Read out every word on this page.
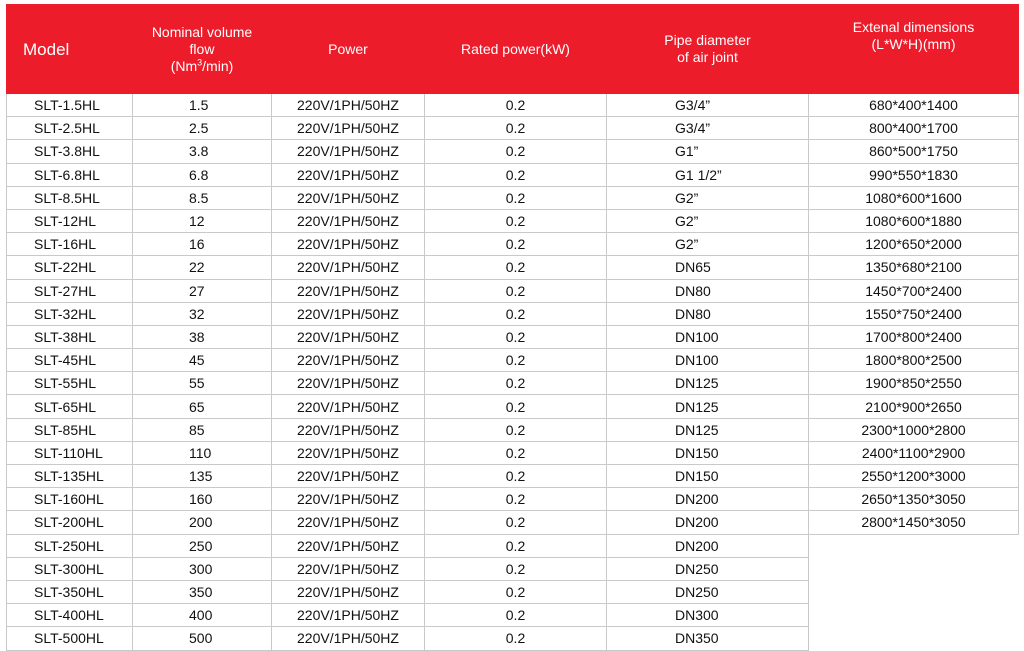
Model	Nominal volume
flow
(Nm$^3$/min)	Power	Rated power(kW)	Pipe diameter
of air joint	Extenal dimensions
(L*W*H)(mm)
SLT-1.5HL	1.5	220V/1PH/50HZ	0.2	G3/4”	680*400*1400
SLT-2.5HL	2.5	220V/1PH/50HZ	0.2	G3/4”	800*400*1700
SLT-3.8HL	3.8	220V/1PH/50HZ	0.2	G1”	860*500*1750
SLT-6.8HL	6.8	220V/1PH/50HZ	0.2	G1 1/2”	990*550*1830
SLT-8.5HL	8.5	220V/1PH/50HZ	0.2	G2”	1080*600*1600
SLT-12HL	12	220V/1PH/50HZ	0.2	G2”	1080*600*1880
SLT-16HL	16	220V/1PH/50HZ	0.2	G2”	1200*650*2000
SLT-22HL	22	220V/1PH/50HZ	0.2	DN65	1350*680*2100
SLT-27HL	27	220V/1PH/50HZ	0.2	DN80	1450*700*2400
SLT-32HL	32	220V/1PH/50HZ	0.2	DN80	1550*750*2400
SLT-38HL	38	220V/1PH/50HZ	0.2	DN100	1700*800*2400
SLT-45HL	45	220V/1PH/50HZ	0.2	DN100	1800*800*2500
SLT-55HL	55	220V/1PH/50HZ	0.2	DN125	1900*850*2550
SLT-65HL	65	220V/1PH/50HZ	0.2	DN125	2100*900*2650
SLT-85HL	85	220V/1PH/50HZ	0.2	DN125	2300*1000*2800
SLT-110HL	110	220V/1PH/50HZ	0.2	DN150	2400*1100*2900
SLT-135HL	135	220V/1PH/50HZ	0.2	DN150	2550*1200*3000
SLT-160HL	160	220V/1PH/50HZ	0.2	DN200	2650*1350*3050
SLT-200HL	200	220V/1PH/50HZ	0.2	DN200	2800*1450*3050
SLT-250HL	250	220V/1PH/50HZ	0.2	DN200	
SLT-300HL	300	220V/1PH/50HZ	0.2	DN250	
SLT-350HL	350	220V/1PH/50HZ	0.2	DN250	
SLT-400HL	400	220V/1PH/50HZ	0.2	DN300	
SLT-500HL	500	220V/1PH/50HZ	0.2	DN350	
